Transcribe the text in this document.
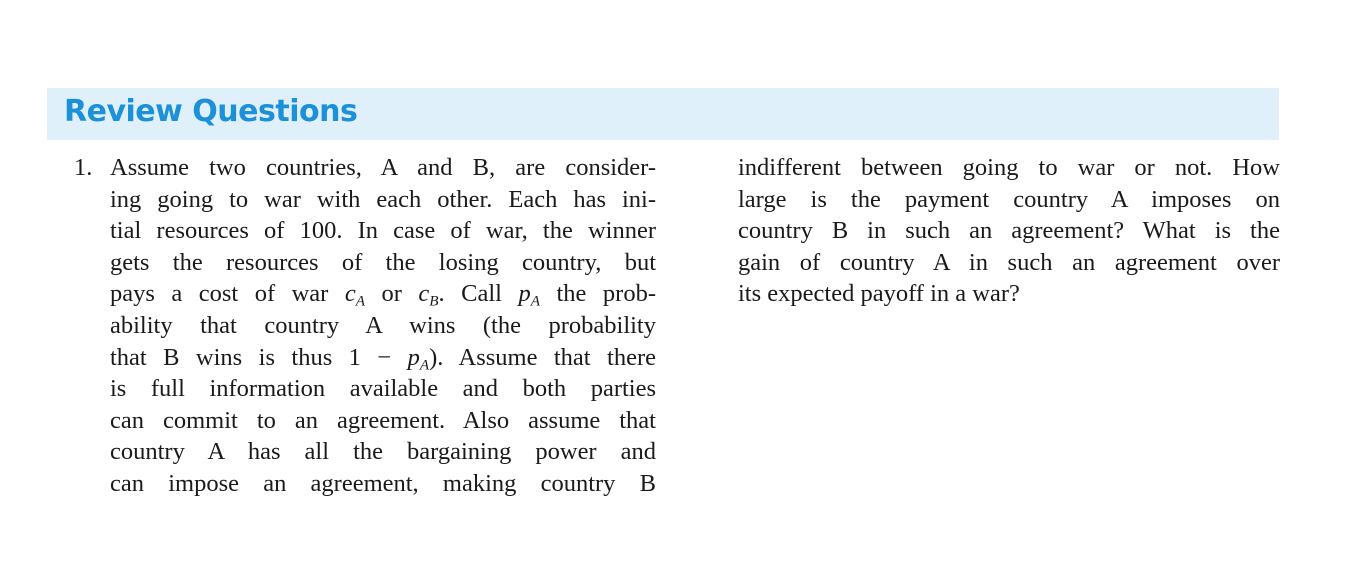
Review Questions
1. Assume two countries, A and B, are consider-
ing going to war with each other. Each has ini-
tial resources of 100. In case of war, the winner
gets the resources of the losing country, but
pays a cost of war $c_A$ or $c_B$. Call $p_A$ the prob-
ability that country A wins (the probability
that B wins is thus $1 - p_A$). Assume that there
is full information available and both parties
can commit to an agreement. Also assume that
country A has all the bargaining power and
can impose an agreement, making country B
indifferent between going to war or not. How
large is the payment country A imposes on
country B in such an agreement? What is the
gain of country A in such an agreement over
its expected payoff in a war?
